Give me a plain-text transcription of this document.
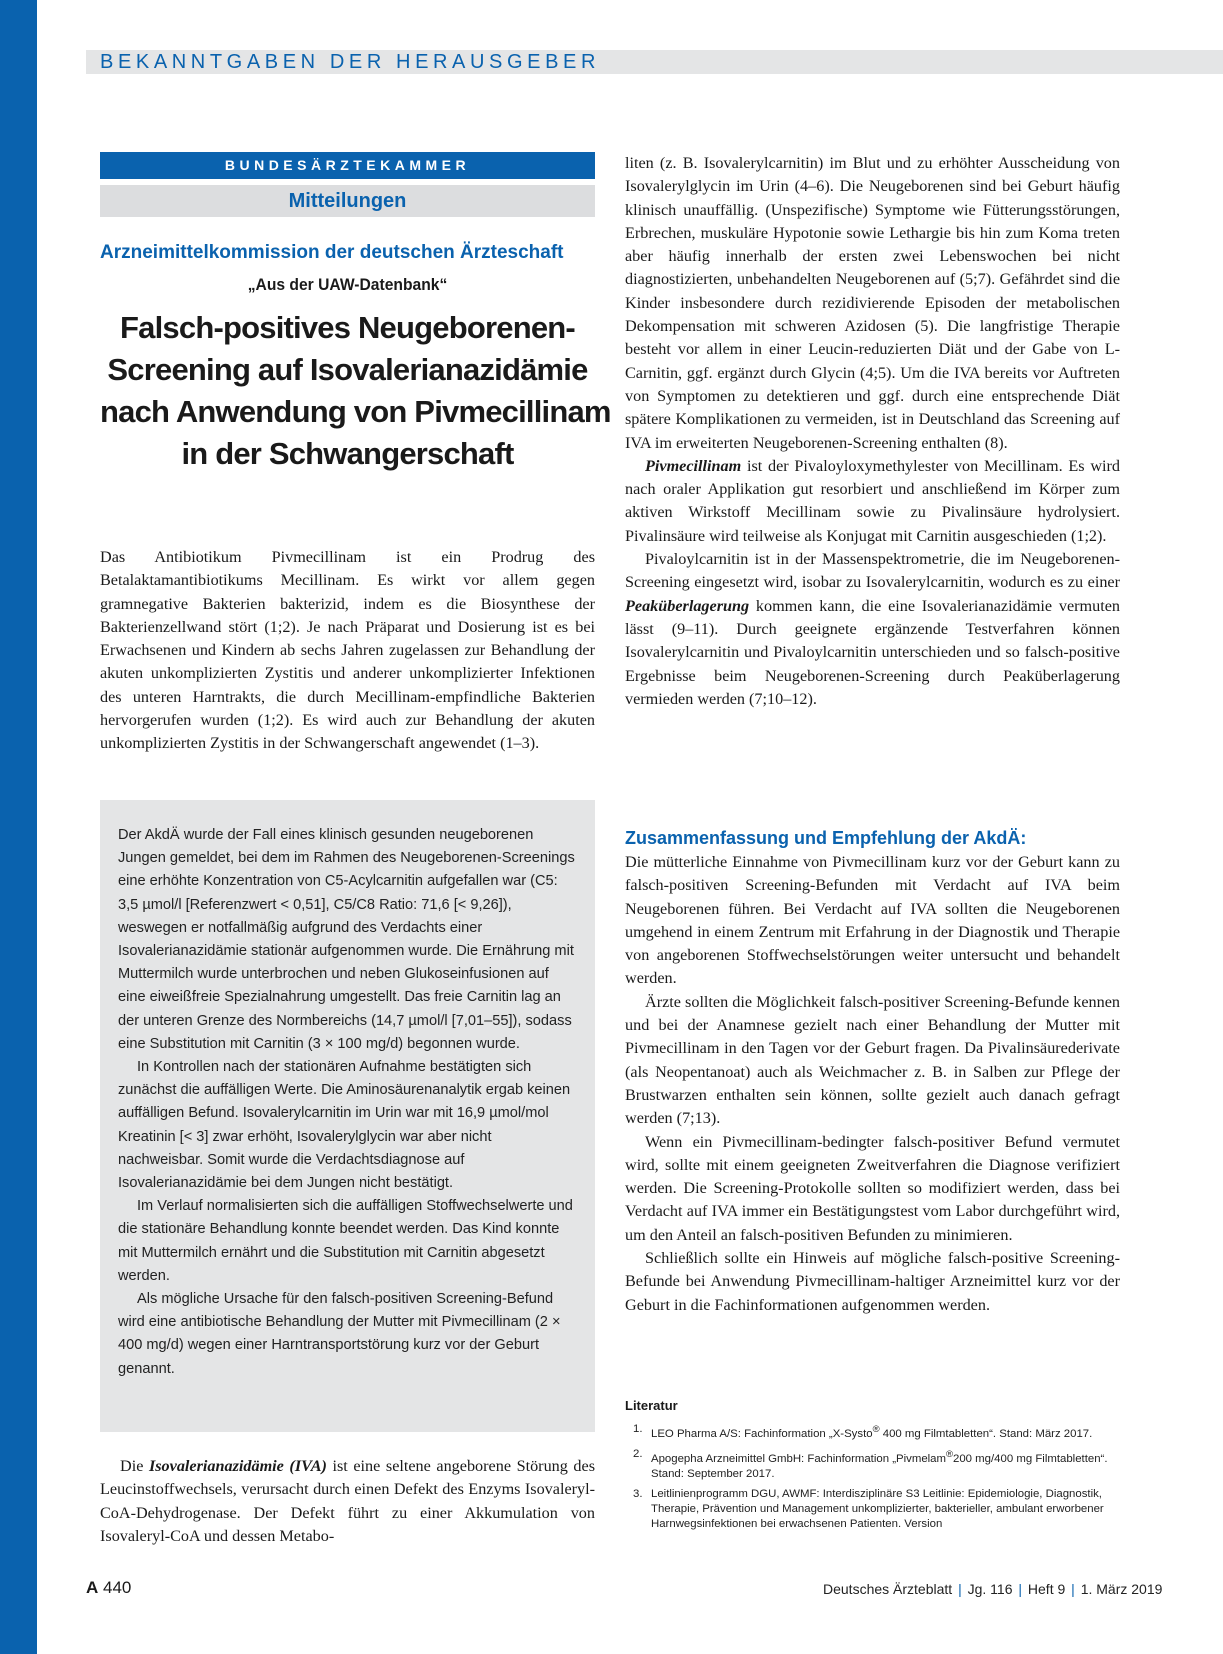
BEKANNTGABEN DER HERAUSGEBER
BUNDESÄRZTEKAMMER
Mitteilungen
Arzneimittelkommission der deutschen Ärzteschaft
„Aus der UAW-Datenbank“
Falsch-positives Neugeborenen-
Screening auf Isovalerianazidämie
nach Anwendung von Pivmecillinam
in der Schwangerschaft

Das Antibiotikum Pivmecillinam ist ein Prodrug des Betalaktamantibiotikums Mecillinam. Es wirkt vor allem gegen gramnegative Bakterien bakterizid, indem es die Biosynthese der Bakterienzellwand stört (1;2). Je nach Präparat und Dosierung ist es bei Erwachsenen und Kindern ab sechs Jahren zugelassen zur Behandlung der akuten unkomplizierten Zystitis und anderer unkomplizierter Infektionen des unteren Harntrakts, die durch Mecillinam-empfindliche Bakterien hervorgerufen wurden (1;2). Es wird auch zur Behandlung der akuten unkomplizierten Zystitis in der Schwangerschaft angewendet (1–3).

Der AkdÄ wurde der Fall eines klinisch gesunden neugeborenen Jungen gemeldet, bei dem im Rahmen des Neugeborenen-Screenings eine erhöhte Konzentration von C5-Acylcarnitin aufgefallen war (C5: 3,5 µmol/l [Referenzwert < 0,51], C5/C8 Ratio: 71,6 [< 9,26]), weswegen er notfallmäßig aufgrund des Verdachts einer Isovalerianazidämie stationär aufgenommen wurde. Die Ernährung mit Muttermilch wurde unterbrochen und neben Glukoseinfusionen auf eine eiweißfreie Spezialnahrung umgestellt. Das freie Carnitin lag an der unteren Grenze des Normbereichs (14,7 µmol/l [7,01–55]), sodass eine Substitution mit Carnitin (3 × 100 mg/d) begonnen wurde.

In Kontrollen nach der stationären Aufnahme bestätigten sich zunächst die auffälligen Werte. Die Aminosäurenanalytik ergab keinen auffälligen Befund. Isovalerylcarnitin im Urin war mit 16,9 µmol/mol Kreatinin [< 3] zwar erhöht, Isovalerylglycin war aber nicht nachweisbar. Somit wurde die Verdachtsdiagnose auf Isovalerianazidämie bei dem Jungen nicht bestätigt.

Im Verlauf normalisierten sich die auffälligen Stoffwechselwerte und die stationäre Behandlung konnte beendet werden. Das Kind konnte mit Muttermilch ernährt und die Substitution mit Carnitin abgesetzt werden.

Als mögliche Ursache für den falsch-positiven Screening-Befund wird eine antibiotische Behandlung der Mutter mit Pivmecillinam (2 × 400 mg/d) wegen einer Harntransportstörung kurz vor der Geburt genannt.

Die Isovalerianazidämie (IVA) ist eine seltene angeborene Störung des Leucinstoffwechsels, verursacht durch einen Defekt des Enzyms Isovaleryl-CoA-Dehydrogenase. Der Defekt führt zu einer Akkumulation von Isovaleryl-CoA und dessen Metabo-

liten (z. B. Isovalerylcarnitin) im Blut und zu erhöhter Ausscheidung von Isovalerylglycin im Urin (4–6). Die Neugeborenen sind bei Geburt häufig klinisch unauffällig. (Unspezifische) Symptome wie Fütterungsstörungen, Erbrechen, muskuläre Hypotonie sowie Lethargie bis hin zum Koma treten aber häufig innerhalb der ersten zwei Lebenswochen bei nicht diagnostizierten, unbehandelten Neugeborenen auf (5;7). Gefährdet sind die Kinder insbesondere durch rezidivierende Episoden der metabolischen Dekompensation mit schweren Azidosen (5). Die langfristige Therapie besteht vor allem in einer Leucin-reduzierten Diät und der Gabe von L-Carnitin, ggf. ergänzt durch Glycin (4;5). Um die IVA bereits vor Auftreten von Symptomen zu detektieren und ggf. durch eine entsprechende Diät spätere Komplikationen zu vermeiden, ist in Deutschland das Screening auf IVA im erweiterten Neugeborenen-Screening enthalten (8).

Pivmecillinam ist der Pivaloyloxymethylester von Mecillinam. Es wird nach oraler Applikation gut resorbiert und anschließend im Körper zum aktiven Wirkstoff Mecillinam sowie zu Pivalinsäure hydrolysiert. Pivalinsäure wird teilweise als Konjugat mit Carnitin ausgeschieden (1;2).

Pivaloylcarnitin ist in der Massenspektrometrie, die im Neugeborenen-Screening eingesetzt wird, isobar zu Isovalerylcarnitin, wodurch es zu einer Peaküberlagerung kommen kann, die eine Isovalerianazidämie vermuten lässt (9–11). Durch geeignete ergänzende Testverfahren können Isovalerylcarnitin und Pivaloylcarnitin unterschieden und so falsch-positive Ergebnisse beim Neugeborenen-Screening durch Peaküberlagerung vermieden werden (7;10–12).

Zusammenfassung und Empfehlung der AkdÄ:

Die mütterliche Einnahme von Pivmecillinam kurz vor der Geburt kann zu falsch-positiven Screening-Befunden mit Verdacht auf IVA beim Neugeborenen führen. Bei Verdacht auf IVA sollten die Neugeborenen umgehend in einem Zentrum mit Erfahrung in der Diagnostik und Therapie von angeborenen Stoffwechselstörungen weiter untersucht und behandelt werden.

Ärzte sollten die Möglichkeit falsch-positiver Screening-Befunde kennen und bei der Anamnese gezielt nach einer Behandlung der Mutter mit Pivmecillinam in den Tagen vor der Geburt fragen. Da Pivalinsäurederivate (als Neopentanoat) auch als Weichmacher z. B. in Salben zur Pflege der Brustwarzen enthalten sein können, sollte gezielt auch danach gefragt werden (7;13).

Wenn ein Pivmecillinam-bedingter falsch-positiver Befund vermutet wird, sollte mit einem geeigneten Zweitverfahren die Diagnose verifiziert werden. Die Screening-Protokolle sollten so modifiziert werden, dass bei Verdacht auf IVA immer ein Bestätigungstest vom Labor durchgeführt wird, um den Anteil an falsch-positiven Befunden zu minimieren.

Schließlich sollte ein Hinweis auf mögliche falsch-positive Screening-Befunde bei Anwendung Pivmecillinam-haltiger Arzneimittel kurz vor der Geburt in die Fachinformationen aufgenommen werden.

Literatur
1. LEO Pharma A/S: Fachinformation „X-Systo® 400 mg Filmtabletten“. Stand: März 2017.
2. Apogepha Arzneimittel GmbH: Fachinformation „Pivmelam®200 mg/400 mg Filmtabletten“. Stand: September 2017.
3. Leitlinienprogramm DGU, AWMF: Interdisziplinäre S3 Leitlinie: Epidemiologie, Diagnostik, Therapie, Prävention und Management unkomplizierter, bakterieller, ambulant erworbener Harnwegsinfektionen bei erwachsenen Patienten. Version
A 440	Deutsches Ärzteblatt | Jg. 116 | Heft 9 | 1. März 2019
